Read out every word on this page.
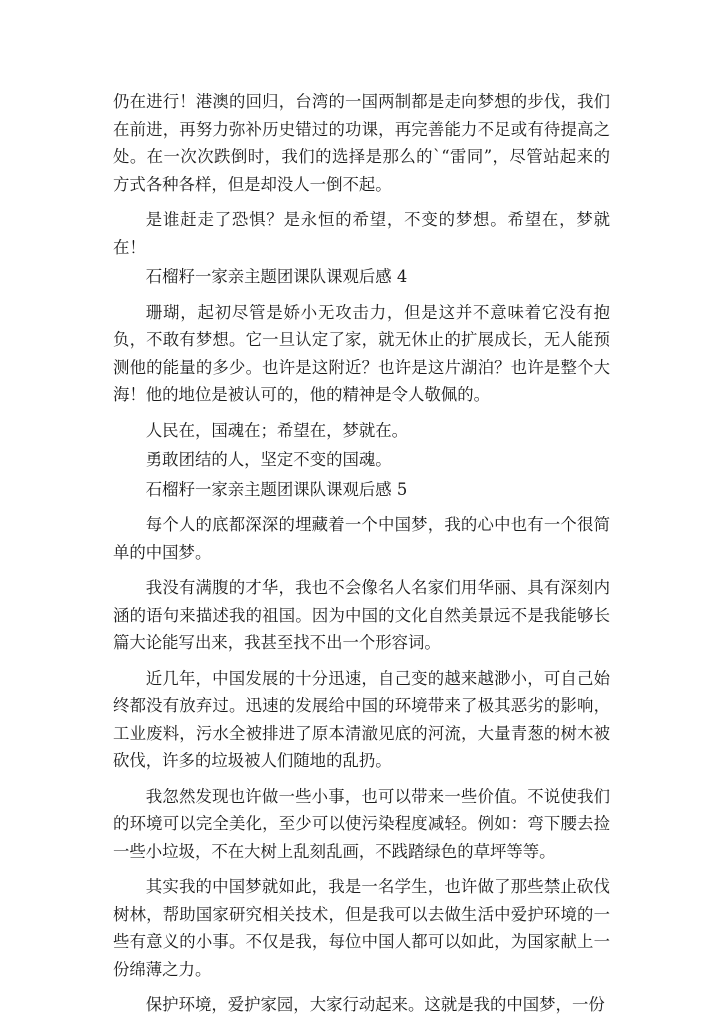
仍在进行！港澳的回归，台湾的一国两制都是走向梦想的步伐，我们在前进，再努力弥补历史错过的功课，再完善能力不足或有待提高之处。在一次次跌倒时，我们的选择是那么的`“雷同”，尽管站起来的方式各种各样，但是却没人一倒不起。

是谁赶走了恐惧？是永恒的希望，不变的梦想。希望在，梦就在！

石榴籽一家亲主题团课队课观后感 4

珊瑚，起初尽管是娇小无攻击力，但是这并不意味着它没有抱负，不敢有梦想。它一旦认定了家，就无休止的扩展成长，无人能预测他的能量的多少。也许是这附近？也许是这片湖泊？也许是整个大海！他的地位是被认可的，他的精神是令人敬佩的。

人民在，国魂在；希望在，梦就在。

勇敢团结的人，坚定不变的国魂。

石榴籽一家亲主题团课队课观后感 5

每个人的底都深深的埋藏着一个中国梦，我的心中也有一个很简单的中国梦。

我没有满腹的才华，我也不会像名人名家们用华丽、具有深刻内涵的语句来描述我的祖国。因为中国的文化自然美景远不是我能够长篇大论能写出来，我甚至找不出一个形容词。

近几年，中国发展的十分迅速，自己变的越来越渺小，可自己始终都没有放弃过。迅速的发展给中国的环境带来了极其恶劣的影响，工业废料，污水全被排进了原本清澈见底的河流，大量青葱的树木被砍伐，许多的垃圾被人们随地的乱扔。

我忽然发现也许做一些小事，也可以带来一些价值。不说使我们的环境可以完全美化，至少可以使污染程度减轻。例如：弯下腰去捡一些小垃圾，不在大树上乱刻乱画，不践踏绿色的草坪等等。

其实我的中国梦就如此，我是一名学生，也许做了那些禁止砍伐树林，帮助国家研究相关技术，但是我可以去做生活中爱护环境的一些有意义的小事。不仅是我，每位中国人都可以如此，为国家献上一份绵薄之力。

保护环境，爱护家园，大家行动起来。这就是我的中国梦，一份
